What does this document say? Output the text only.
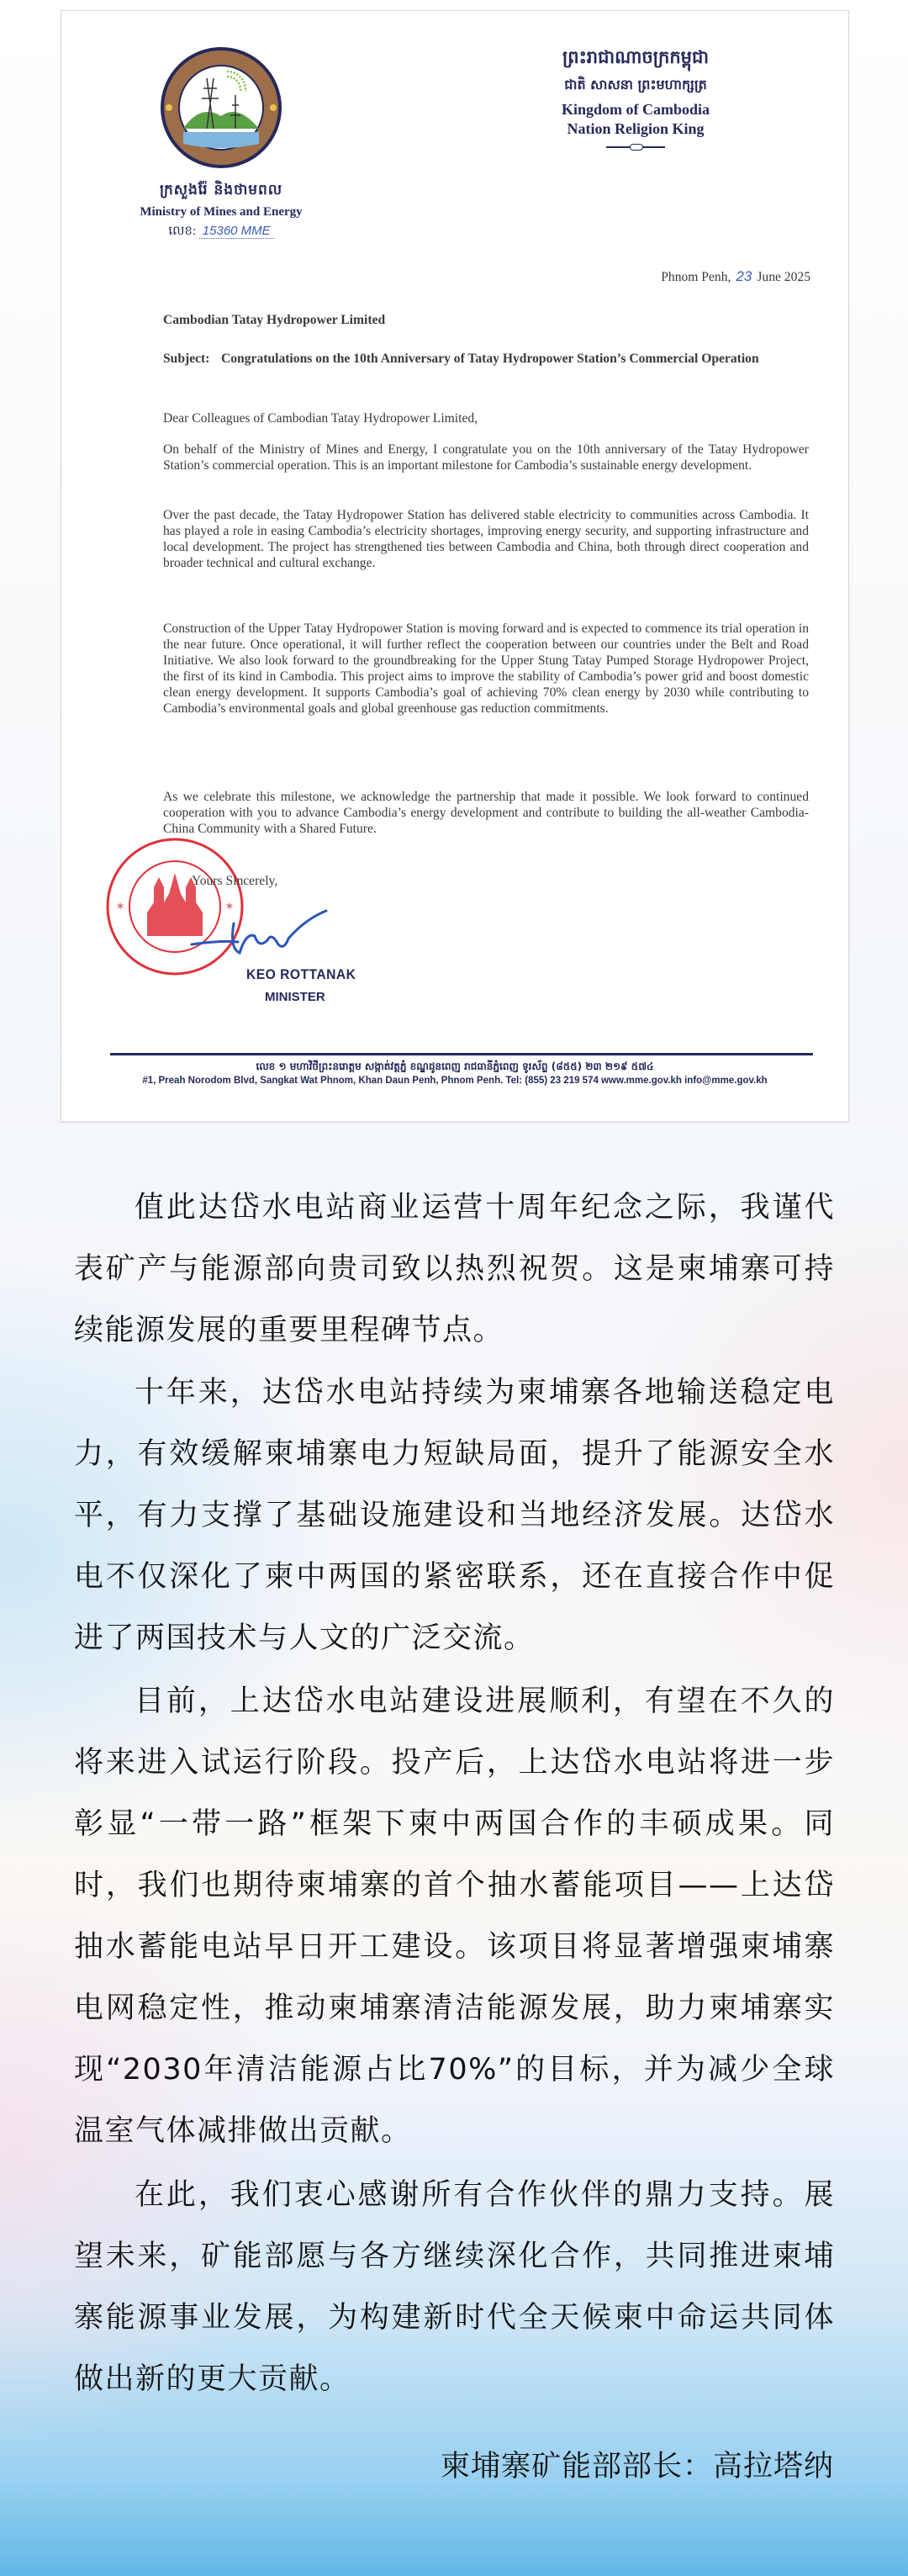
ក្រសួងរ៉ែ និងថាមពល
Ministry of Mines and Energy
លេខ: 15360 MME
ព្រះរាជាណាចក្រកម្ពុជា
ជាតិ សាសនា ព្រះមហាក្សត្រ
Kingdom of Cambodia
Nation Religion King
Phnom Penh, 23 June 2025
Cambodian Tatay Hydropower Limited
Subject: Congratulations on the 10th Anniversary of Tatay Hydropower Station’s Commercial Operation
Dear Colleagues of Cambodian Tatay Hydropower Limited,
On behalf of the Ministry of Mines and Energy, I congratulate you on the 10th anniversary of the Tatay Hydropower Station’s commercial operation. This is an important milestone for Cambodia’s sustainable energy development.
Over the past decade, the Tatay Hydropower Station has delivered stable electricity to communities across Cambodia. It has played a role in easing Cambodia’s electricity shortages, improving energy security, and supporting infrastructure and local development. The project has strengthened ties between Cambodia and China, both through direct cooperation and broader technical and cultural exchange.
Construction of the Upper Tatay Hydropower Station is moving forward and is expected to commence its trial operation in the near future. Once operational, it will further reflect the cooperation between our countries under the Belt and Road Initiative. We also look forward to the groundbreaking for the Upper Stung Tatay Pumped Storage Hydropower Project, the first of its kind in Cambodia. This project aims to improve the stability of Cambodia’s power grid and boost domestic clean energy development. It supports Cambodia’s goal of achieving 70% clean energy by 2030 while contributing to Cambodia’s environmental goals and global greenhouse gas reduction commitments.
As we celebrate this milestone, we acknowledge the partnership that made it possible. We look forward to continued cooperation with you to advance Cambodia’s energy development and contribute to building the all-weather Cambodia-China Community with a Shared Future.
*	*
Yours Sincerely,
KEO ROTTANAK
MINISTER
លេខ ១ មហាវិថីព្រះនរោត្តម សង្កាត់វត្តភ្នំ ខណ្ឌដូនពេញ រាជធានីភ្នំពេញ ទូរស័ព្ទ (៨៥៥) ២៣ ២១៩ ៥៧៤
#1, Preah Norodom Blvd, Sangkat Wat Phnom, Khan Daun Penh, Phnom Penh. Tel: (855) 23 219 574 www.mme.gov.kh info@mme.gov.kh
值此达岱水电站商业运营十周年纪念之际，我谨代表矿产与能源部向贵司致以热烈祝贺。这是柬埔寨可持续能源发展的重要里程碑节点。
十年来，达岱水电站持续为柬埔寨各地输送稳定电力，有效缓解柬埔寨电力短缺局面，提升了能源安全水平，有力支撑了基础设施建设和当地经济发展。达岱水电不仅深化了柬中两国的紧密联系，还在直接合作中促进了两国技术与人文的广泛交流。
目前，上达岱水电站建设进展顺利，有望在不久的将来进入试运行阶段。投产后，上达岱水电站将进一步彰显“一带一路”框架下柬中两国合作的丰硕成果。同时，我们也期待柬埔寨的首个抽水蓄能项目——上达岱抽水蓄能电站早日开工建设。该项目将显著增强柬埔寨电网稳定性，推动柬埔寨清洁能源发展，助力柬埔寨实现“2030年清洁能源占比70%”的目标，并为减少全球温室气体减排做出贡献。
在此，我们衷心感谢所有合作伙伴的鼎力支持。展望未来，矿能部愿与各方继续深化合作，共同推进柬埔寨能源事业发展，为构建新时代全天候柬中命运共同体做出新的更大贡献。
柬埔寨矿能部部长：高拉塔纳
